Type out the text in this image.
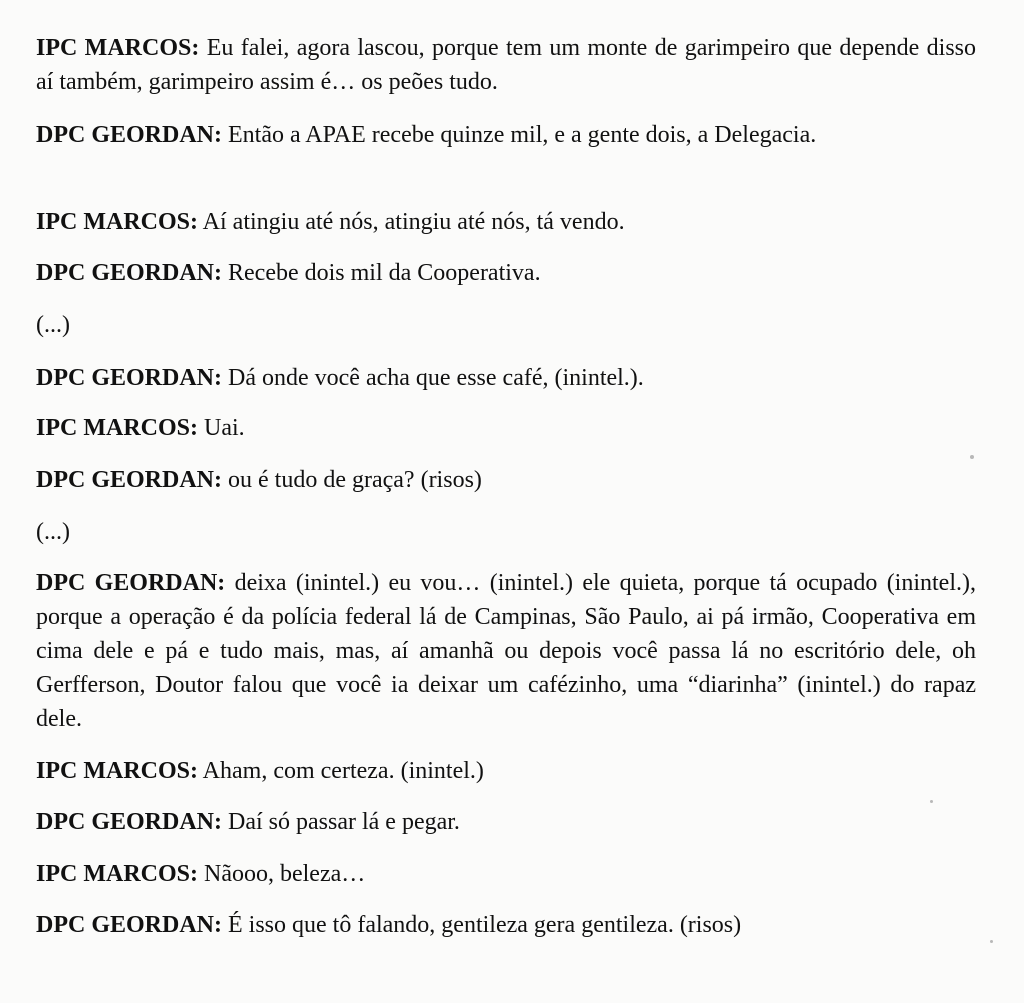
IPC MARCOS: Eu falei, agora lascou, porque tem um monte de garimpeiro que depende disso aí também, garimpeiro assim é… os peões tudo.

DPC GEORDAN: Então a APAE recebe quinze mil, e a gente dois, a Delegacia.

IPC MARCOS: Aí atingiu até nós, atingiu até nós, tá vendo.

DPC GEORDAN: Recebe dois mil da Cooperativa.

(...)

DPC GEORDAN: Dá onde você acha que esse café, (inintel.).

IPC MARCOS: Uai.

DPC GEORDAN: ou é tudo de graça? (risos)

(...)

DPC GEORDAN: deixa (inintel.) eu vou… (inintel.) ele quieta, porque tá ocupado (inintel.), porque a operação é da polícia federal lá de Campinas, São Paulo, ai pá irmão, Cooperativa em cima dele e pá e tudo mais, mas, aí amanhã ou depois você passa lá no escritório dele, oh Gerfferson, Doutor falou que você ia deixar um cafézinho, uma “diarinha” (inintel.) do rapaz dele.

IPC MARCOS: Aham, com certeza. (inintel.)

DPC GEORDAN: Daí só passar lá e pegar.

IPC MARCOS: Nãooo, beleza…

DPC GEORDAN: É isso que tô falando, gentileza gera gentileza. (risos)
